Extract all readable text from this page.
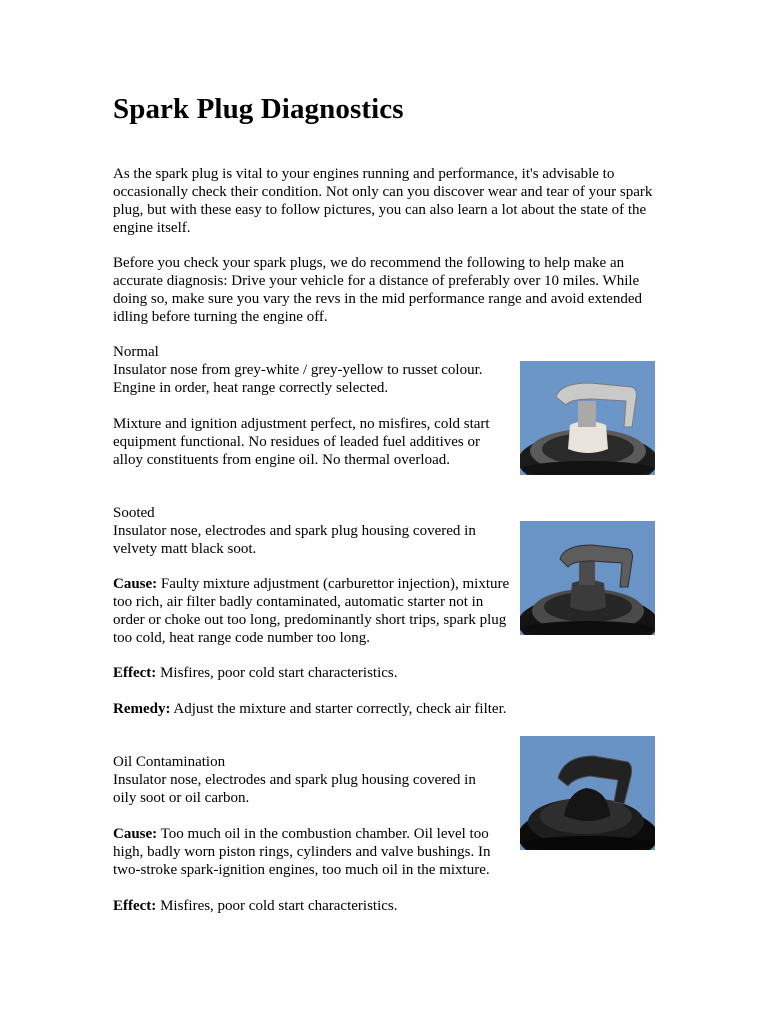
Spark Plug Diagnostics

As the spark plug is vital to your engines running and performance, it's advisable to occasionally check their condition. Not only can you discover wear and tear of your spark plug, but with these easy to follow pictures, you can also learn a lot about the state of the engine itself.

Before you check your spark plugs, we do recommend the following to help make an accurate diagnosis: Drive your vehicle for a distance of preferably over 10 miles. While doing so, make sure you vary the revs in the mid performance range and avoid extended idling before turning the engine off.

Normal

Insulator nose from grey-white / grey-yellow to russet colour. Engine in order, heat range correctly selected.

Mixture and ignition adjustment perfect, no misfires, cold start equipment functional. No residues of leaded fuel additives or alloy constituents from engine oil. No thermal overload.

Sooted

Insulator nose, electrodes and spark plug housing covered in velvety matt black soot.

Cause: Faulty mixture adjustment (carburettor injection), mixture too rich, air filter badly contaminated, automatic starter not in order or choke out too long, predominantly short trips, spark plug too cold, heat range code number too long.

Effect: Misfires, poor cold start characteristics.

Remedy: Adjust the mixture and starter correctly, check air filter.

Oil Contamination

Insulator nose, electrodes and spark plug housing covered in oily soot or oil carbon.

Cause: Too much oil in the combustion chamber. Oil level too high, badly worn piston rings, cylinders and valve bushings. In two-stroke spark-ignition engines, too much oil in the mixture.

Effect: Misfires, poor cold start characteristics.
